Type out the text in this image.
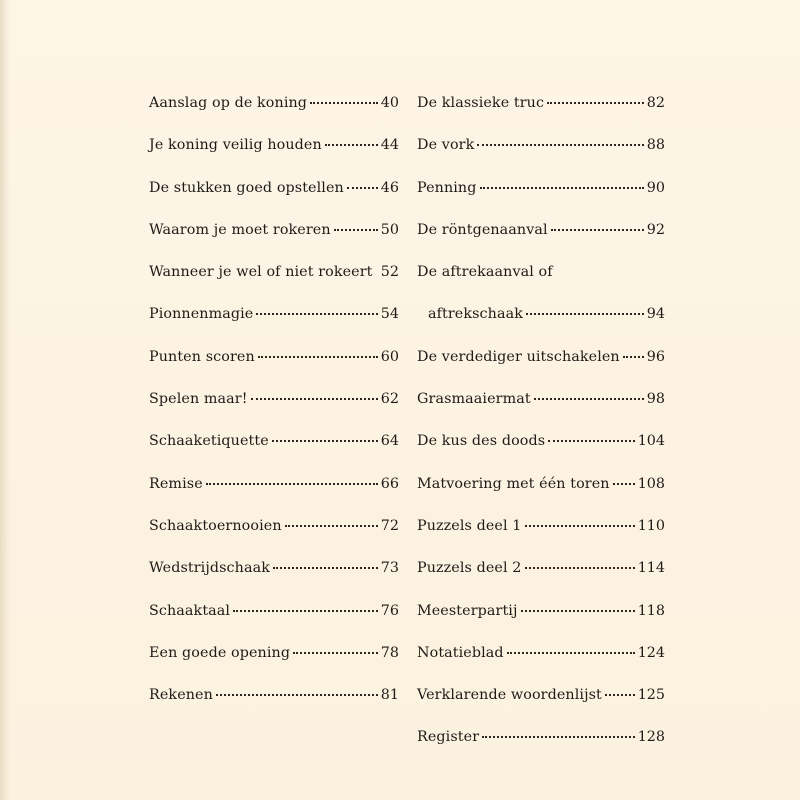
Aanslag op de koning	40
Je koning veilig houden	44
De stukken goed opstellen	46
Waarom je moet rokeren	50
Wanneer je wel of niet rokeert 52
Pionnenmagie	54
Punten scoren	60
Spelen maar!	62
Schaaketiquette	64
Remise	66
Schaaktoernooien	72
Wedstrijdschaak	73
Schaaktaal	76
Een goede opening	78
Rekenen	81
De klassieke truc	82
De vork	88
Penning	90
De röntgenaanval	92
De aftrekaanval of
aftrekschaak	94
De verdediger uitschakelen 96
Grasmaaiermat	98
De kus des doods	104
Matvoering met één toren 108
Puzzels deel 1	110
Puzzels deel 2	114
Meesterpartij	118
Notatieblad	124
Verklarende woordenlijst	125
Register	128
